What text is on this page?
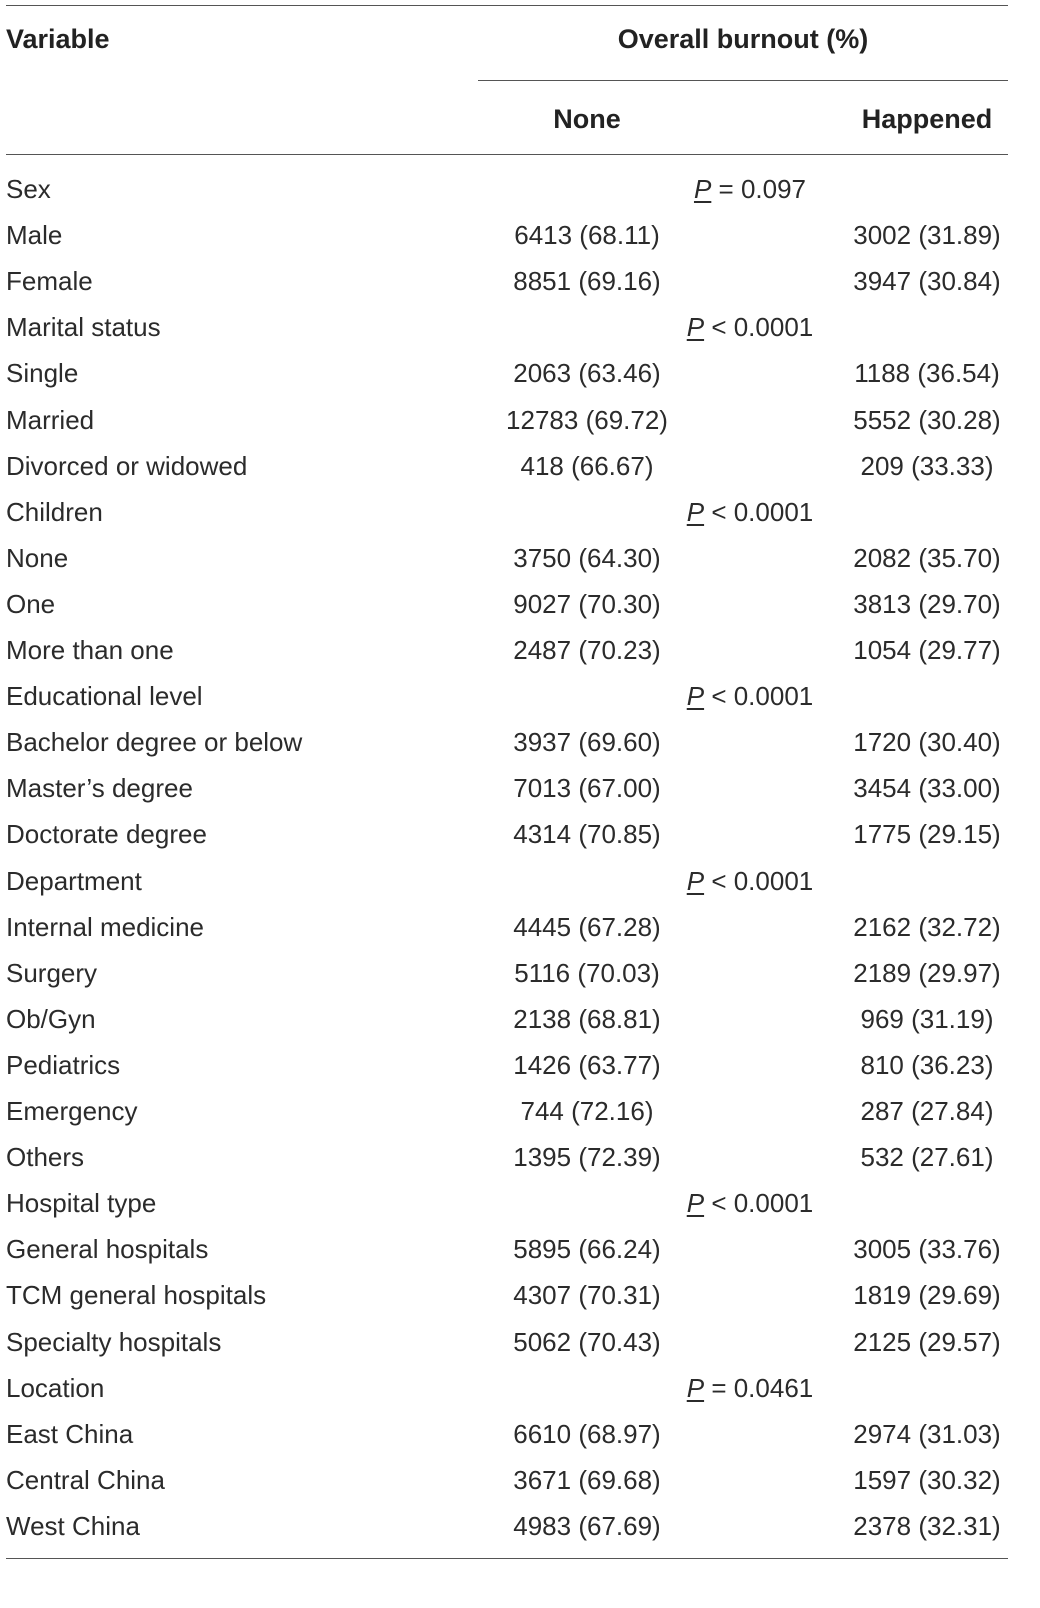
Variable	Overall burnout (%)
None	Happened
Sex	P = 0.097
Male	6413 (68.11)	3002 (31.89)
Female	8851 (69.16)	3947 (30.84)
Marital status	P < 0.0001
Single	2063 (63.46)	1188 (36.54)
Married	12783 (69.72)	5552 (30.28)
Divorced or widowed	418 (66.67)	209 (33.33)
Children	P < 0.0001
None	3750 (64.30)	2082 (35.70)
One	9027 (70.30)	3813 (29.70)
More than one	2487 (70.23)	1054 (29.77)
Educational level	P < 0.0001
Bachelor degree or below	3937 (69.60)	1720 (30.40)
Master’s degree	7013 (67.00)	3454 (33.00)
Doctorate degree	4314 (70.85)	1775 (29.15)
Department	P < 0.0001
Internal medicine	4445 (67.28)	2162 (32.72)
Surgery	5116 (70.03)	2189 (29.97)
Ob/Gyn	2138 (68.81)	969 (31.19)
Pediatrics	1426 (63.77)	810 (36.23)
Emergency	744 (72.16)	287 (27.84)
Others	1395 (72.39)	532 (27.61)
Hospital type	P < 0.0001
General hospitals	5895 (66.24)	3005 (33.76)
TCM general hospitals	4307 (70.31)	1819 (29.69)
Specialty hospitals	5062 (70.43)	2125 (29.57)
Location	P = 0.0461
East China	6610 (68.97)	2974 (31.03)
Central China	3671 (69.68)	1597 (30.32)
West China	4983 (67.69)	2378 (32.31)
